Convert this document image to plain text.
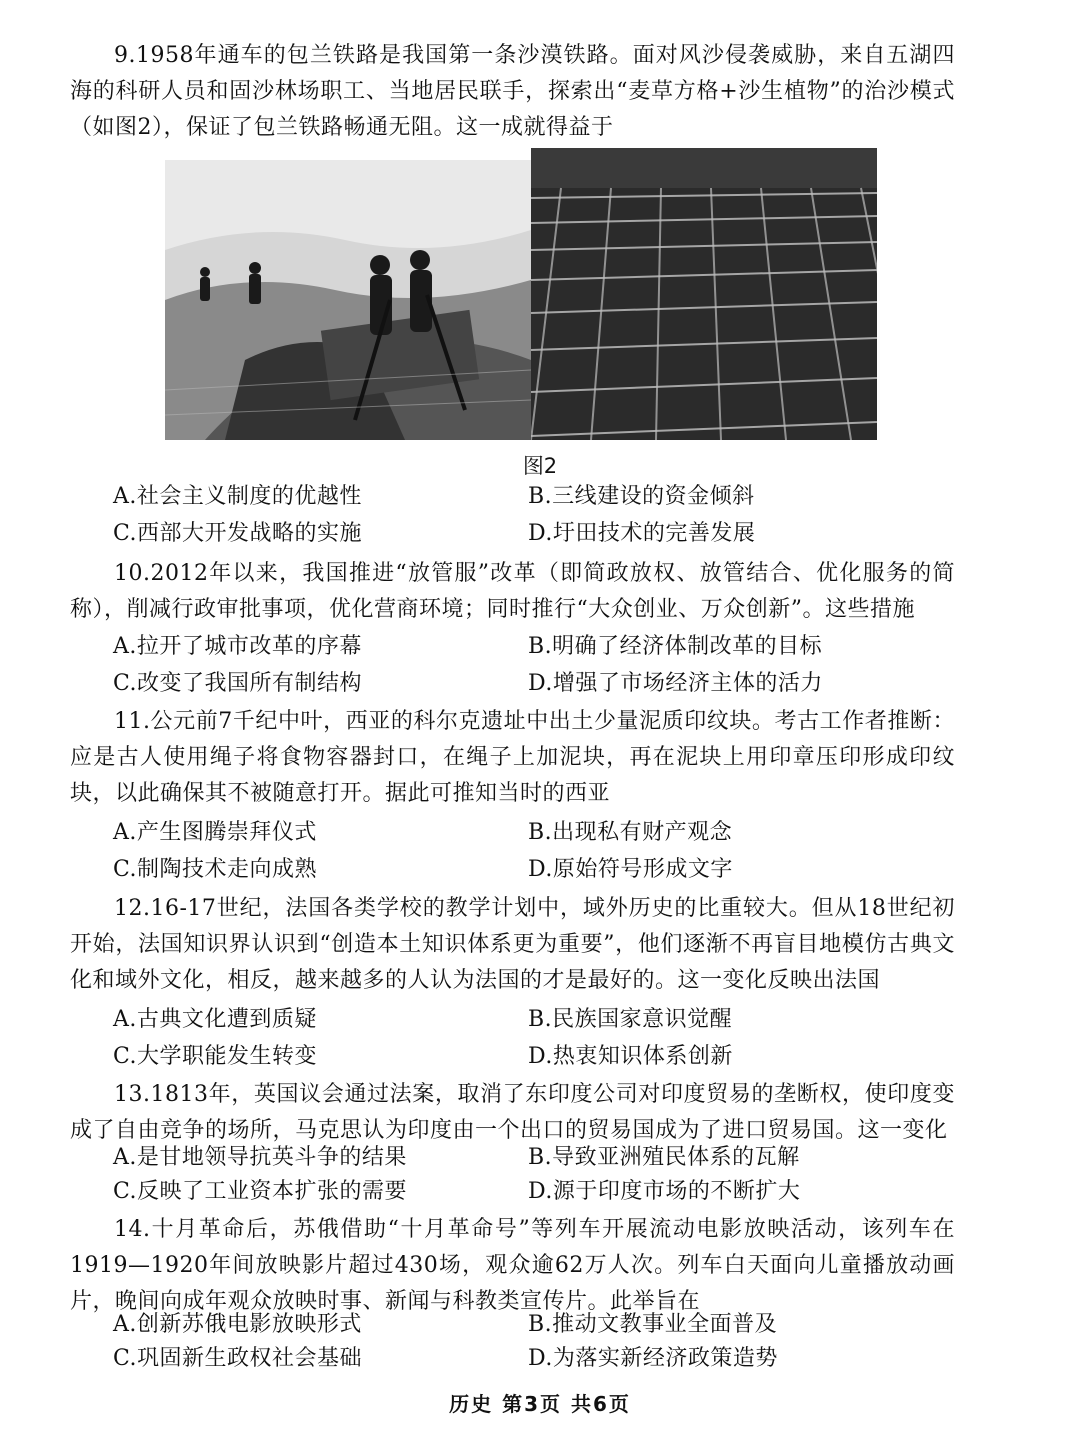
9.1958年通车的包兰铁路是我国第一条沙漠铁路。面对风沙侵袭威胁，来自五湖四海的科研人员和固沙林场职工、当地居民联手，探索出“麦草方格+沙生植物”的治沙模式（如图2），保证了包兰铁路畅通无阻。这一成就得益于
图2
A.社会主义制度的优越性	B.三线建设的资金倾斜
C.西部大开发战略的实施	D.圩田技术的完善发展
10.2012年以来，我国推进“放管服”改革（即简政放权、放管结合、优化服务的简称），削减行政审批事项，优化营商环境；同时推行“大众创业、万众创新”。这些措施
A.拉开了城市改革的序幕	B.明确了经济体制改革的目标
C.改变了我国所有制结构	D.增强了市场经济主体的活力
11.公元前7千纪中叶，西亚的科尔克遗址中出土少量泥质印纹块。考古工作者推断：应是古人使用绳子将食物容器封口，在绳子上加泥块，再在泥块上用印章压印形成印纹块，以此确保其不被随意打开。据此可推知当时的西亚
A.产生图腾崇拜仪式	B.出现私有财产观念
C.制陶技术走向成熟	D.原始符号形成文字
12.16-17世纪，法国各类学校的教学计划中，域外历史的比重较大。但从18世纪初开始，法国知识界认识到“创造本土知识体系更为重要”，他们逐渐不再盲目地模仿古典文化和域外文化，相反，越来越多的人认为法国的才是最好的。这一变化反映出法国
A.古典文化遭到质疑	B.民族国家意识觉醒
C.大学职能发生转变	D.热衷知识体系创新
13.1813年，英国议会通过法案，取消了东印度公司对印度贸易的垄断权，使印度变成了自由竞争的场所，马克思认为印度由一个出口的贸易国成为了进口贸易国。这一变化
A.是甘地领导抗英斗争的结果	B.导致亚洲殖民体系的瓦解
C.反映了工业资本扩张的需要	D.源于印度市场的不断扩大
14.十月革命后，苏俄借助“十月革命号”等列车开展流动电影放映活动，该列车在1919—1920年间放映影片超过430场，观众逾62万人次。列车白天面向儿童播放动画片，晚间向成年观众放映时事、新闻与科教类宣传片。此举旨在
A.创新苏俄电影放映形式	B.推动文教事业全面普及
C.巩固新生政权社会基础	D.为落实新经济政策造势
历史 第3页 共6页
